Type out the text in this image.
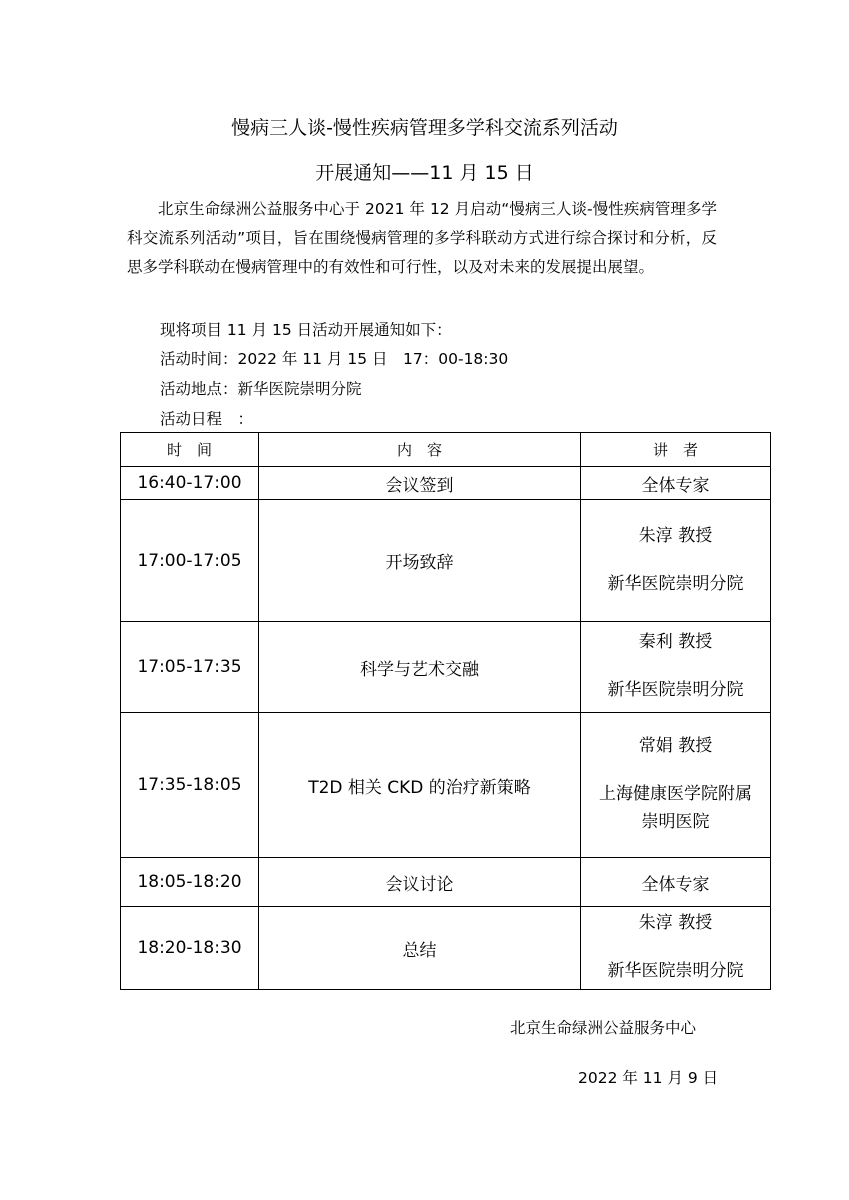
慢病三人谈-慢性疾病管理多学科交流系列活动
开展通知——11 月 15 日

北京生命绿洲公益服务中心于 2021 年 12 月启动“慢病三人谈-慢性疾病管理多学科交流系列活动”项目，旨在围绕慢病管理的多学科联动方式进行综合探讨和分析，反思多学科联动在慢病管理中的有效性和可行性，以及对未来的发展提出展望。

现将项目 11 月 15 日活动开展通知如下：

活动时间：2022 年 11 月 15 日　17：00-18:30

活动地点：新华医院崇明分院

活动日程　：

时　间	内　容	讲　者
16:40-17:00	会议签到	全体专家
17:00-17:05	开场致辞	朱淳 教授
新华医院崇明分院

17:05-17:35	科学与艺术交融	秦利 教授
新华医院崇明分院

17:35-18:05	T2D 相关 CKD 的治疗新策略	常娟 教授
上海健康医学院附属崇明医院

18:05-18:20	会议讨论	全体专家
18:20-18:30	总结	朱淳 教授
新华医院崇明分院
北京生命绿洲公益服务中心
2022 年 11 月 9 日
